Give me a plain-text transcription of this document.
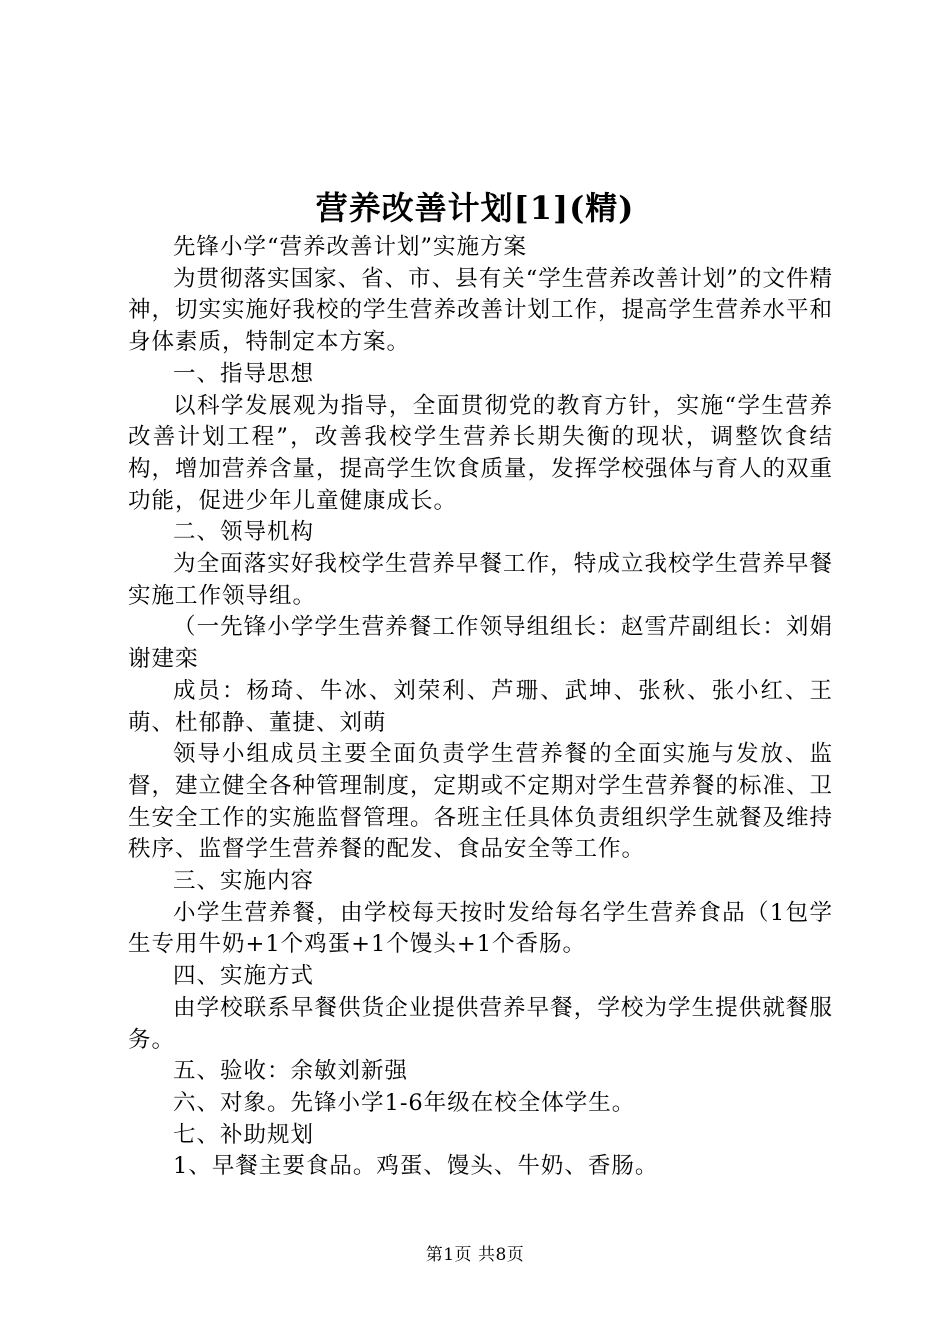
营养改善计划[1](精)

先锋小学“营养改善计划”实施方案

为贯彻落实国家、省、市、县有关“学生营养改善计划”的文件精神，切实实施好我校的学生营养改善计划工作，提高学生营养水平和身体素质，特制定本方案。

一、指导思想

以科学发展观为指导，全面贯彻党的教育方针，实施“学生营养改善计划工程”，改善我校学生营养长期失衡的现状，调整饮食结构，增加营养含量，提高学生饮食质量，发挥学校强体与育人的双重功能，促进少年儿童健康成长。

二、领导机构

为全面落实好我校学生营养早餐工作，特成立我校学生营养早餐实施工作领导组。

（一先锋小学学生营养餐工作领导组组长：赵雪芹副组长：刘娟谢建栾

成员：杨琦、牛冰、刘荣利、芦珊、武坤、张秋、张小红、王萌、杜郁静、董捷、刘萌

领导小组成员主要全面负责学生营养餐的全面实施与发放、监督，建立健全各种管理制度，定期或不定期对学生营养餐的标准、卫生安全工作的实施监督管理。各班主任具体负责组织学生就餐及维持秩序、监督学生营养餐的配发、食品安全等工作。

三、实施内容

小学生营养餐，由学校每天按时发给每名学生营养食品（1包学生专用牛奶+1个鸡蛋+1个馒头+1个香肠。

四、实施方式

由学校联系早餐供货企业提供营养早餐，学校为学生提供就餐服务。

五、验收：余敏刘新强

六、对象。先锋小学1-6年级在校全体学生。

七、补助规划

1、早餐主要食品。鸡蛋、馒头、牛奶、香肠。

第1页 共8页
